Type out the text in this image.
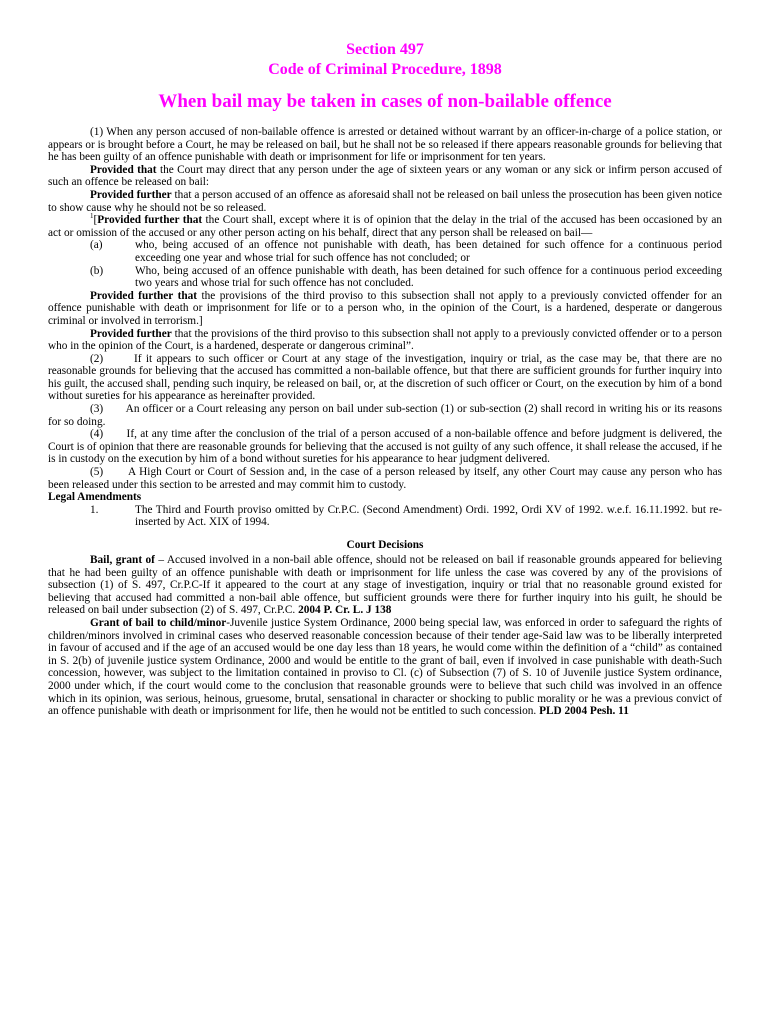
Section 497
Code of Criminal Procedure, 1898
When bail may be taken in cases of non-bailable offence

(1) When any person accused of non-bailable offence is arrested or detained without warrant by an officer-in-charge of a police station, or appears or is brought before a Court, he may be released on bail, but he shall not be so released if there appears reasonable grounds for believing that he has been guilty of an offence punishable with death or imprisonment for life or imprisonment for ten years.

Provided that the Court may direct that any person under the age of sixteen years or any woman or any sick or infirm person accused of such an offence be released on bail:

Provided further that a person accused of an offence as aforesaid shall not be released on bail unless the prosecution has been given notice to show cause why he should not be so released.

$^1$[Provided further that the Court shall, except where it is of opinion that the delay in the trial of the accused has been occasioned by an act or omission of the accused or any other person acting on his behalf, direct that any person shall be released on bail—

(a)	who, being accused of an offence not punishable with death, has been detained for such offence for a continuous period exceeding one year and whose trial for such offence has not concluded; or
(b)	Who, being accused of an offence punishable with death, has been detained for such offence for a continuous period exceeding two years and whose trial for such offence has not concluded.

Provided further that the provisions of the third proviso to this subsection shall not apply to a previously convicted offender for an offence punishable with death or imprisonment for life or to a person who, in the opinion of the Court, is a hardened, desperate or dangerous criminal or involved in terrorism.]

Provided further that the provisions of the third proviso to this subsection shall not apply to a previously convicted offender or to a person who in the opinion of the Court, is a hardened, desperate or dangerous criminal”.

(2)       If it appears to such officer or Court at any stage of the investigation, inquiry or trial, as the case may be, that there are no reasonable grounds for believing that the accused has committed a non-bailable offence, but that there are sufficient grounds for further inquiry into his guilt, the accused shall, pending such inquiry, be released on bail, or, at the discretion of such officer or Court, on the execution by him of a bond without sureties for his appearance as hereinafter provided.

(3)       An officer or a Court releasing any person on bail under sub-section (1) or sub-section (2) shall record in writing his or its reasons for so doing.

(4)       If, at any time after the conclusion of the trial of a person accused of a non-bailable offence and before judgment is delivered, the Court is of opinion that there are reasonable grounds for believing that the accused is not guilty of any such offence, it shall release the accused, if he is in custody on the execution by him of a bond without sureties for his appearance to hear judgment delivered.

(5)       A High Court or Court of Session and, in the case of a person released by itself, any other Court may cause any person who has been released under this section to be arrested and may commit him to custody.

Legal Amendments
1.	The Third and Fourth proviso omitted by Cr.P.C. (Second Amendment) Ordi. 1992, Ordi XV of 1992. w.e.f. 16.11.1992. but re-inserted by Act. XIX of 1994.
Court Decisions

Bail, grant of – Accused involved in a non-bail able offence, should not be released on bail if reasonable grounds appeared for believing that he had been guilty of an offence punishable with death or imprisonment for life unless the case was covered by any of the provisions of subsection (1) of S. 497, Cr.P.C-If it appeared to the court at any stage of investigation, inquiry or trial that no reasonable ground existed for believing that accused had committed a non-bail able offence, but sufficient grounds were there for further inquiry into his guilt, he should be released on bail under subsection (2) of S. 497, Cr.P.C. 2004 P. Cr. L. J 138

Grant of bail to child/minor-Juvenile justice System Ordinance, 2000 being special law, was enforced in order to safeguard the rights of children/minors involved in criminal cases who deserved reasonable concession because of their tender age-Said law was to be liberally interpreted in favour of accused and if the age of an accused would be one day less than 18 years, he would come within the definition of a “child” as contained in S. 2(b) of juvenile justice system Ordinance, 2000 and would be entitle to the grant of bail, even if involved in case punishable with death-Such concession, however, was subject to the limitation contained in proviso to Cl. (c) of Subsection (7) of S. 10 of Juvenile justice System ordinance, 2000 under which, if the court would come to the conclusion that reasonable grounds were to believe that such child was involved in an offence which in its opinion, was serious, heinous, gruesome, brutal, sensational in character or shocking to public morality or he was a previous convict of an offence punishable with death or imprisonment for life, then he would not be entitled to such concession. PLD 2004 Pesh. 11
